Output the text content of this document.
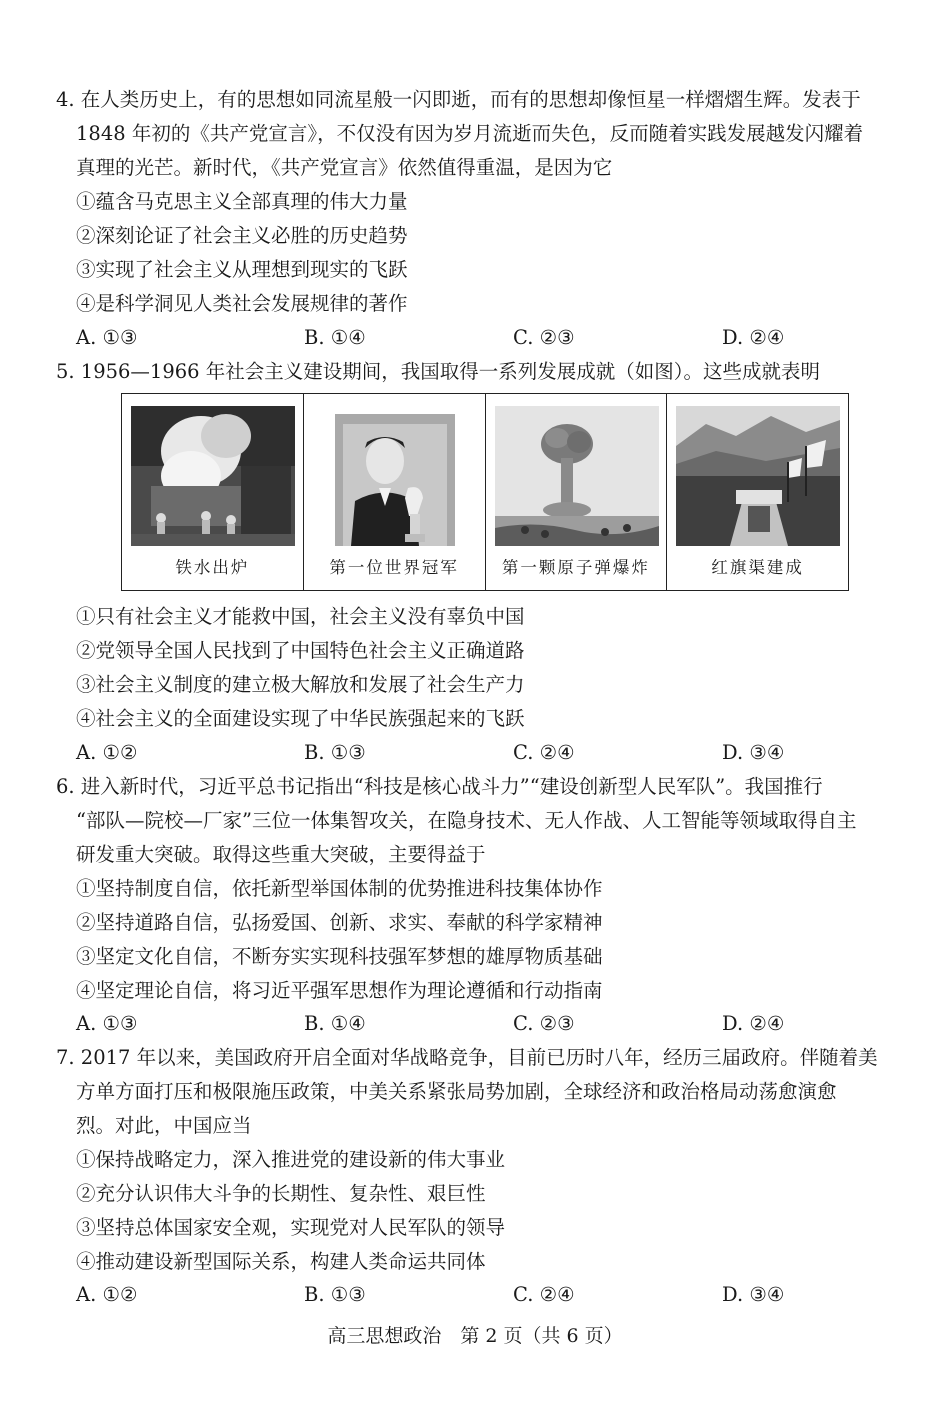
4. 在人类历史上，有的思想如同流星般一闪即逝，而有的思想却像恒星一样熠熠生辉。发表于
1848 年初的《共产党宣言》，不仅没有因为岁月流逝而失色，反而随着实践发展越发闪耀着
真理的光芒。新时代，《共产党宣言》依然值得重温，是因为它
①蕴含马克思主义全部真理的伟大力量
②深刻论证了社会主义必胜的历史趋势
③实现了社会主义从理想到现实的飞跃
④是科学洞见人类社会发展规律的著作
A. ①③	B. ①④	C. ②③	D. ②④
5. 1956—1966 年社会主义建设期间，我国取得一系列发展成就（如图）。这些成就表明
铁水出炉	第一位世界冠军	第一颗原子弹爆炸	红旗渠建成
①只有社会主义才能救中国，社会主义没有辜负中国
②党领导全国人民找到了中国特色社会主义正确道路
③社会主义制度的建立极大解放和发展了社会生产力
④社会主义的全面建设实现了中华民族强起来的飞跃
A. ①②	B. ①③	C. ②④	D. ③④
6. 进入新时代，习近平总书记指出“科技是核心战斗力”“建设创新型人民军队”。我国推行
“部队—院校—厂家”三位一体集智攻关，在隐身技术、无人作战、人工智能等领域取得自主
研发重大突破。取得这些重大突破，主要得益于
①坚持制度自信，依托新型举国体制的优势推进科技集体协作
②坚持道路自信，弘扬爱国、创新、求实、奉献的科学家精神
③坚定文化自信，不断夯实实现科技强军梦想的雄厚物质基础
④坚定理论自信，将习近平强军思想作为理论遵循和行动指南
A. ①③	B. ①④	C. ②③	D. ②④
7. 2017 年以来，美国政府开启全面对华战略竞争，目前已历时八年，经历三届政府。伴随着美
方单方面打压和极限施压政策，中美关系紧张局势加剧，全球经济和政治格局动荡愈演愈
烈。对此，中国应当
①保持战略定力，深入推进党的建设新的伟大事业
②充分认识伟大斗争的长期性、复杂性、艰巨性
③坚持总体国家安全观，实现党对人民军队的领导
④推动建设新型国际关系，构建人类命运共同体
A. ①②	B. ①③	C. ②④	D. ③④
高三思想政治　第 2 页（共 6 页）
